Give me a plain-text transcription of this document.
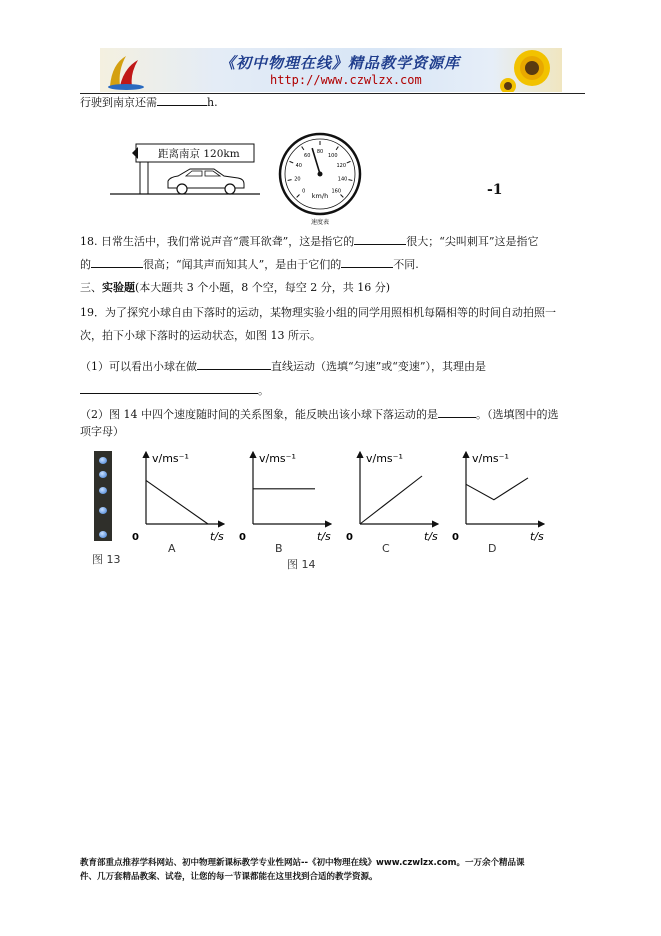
《初中物理在线》精品教学资源库
http://www.czwlzx.com
行驶到南京还需	h.
距离南京 120km
0
20
40
60
80
100
120
140
160
km/h
速度表
-1
18. 日常生活中，我们常说声音“震耳欲聋”，这是指它的	很大；“尖叫刺耳”这是指它
的	很高；“闻其声而知其人”，是由于它们的	不同.
三、实验题(本大题共 3 个小题，8 个空，每空 2 分，共 16 分)
19．为了探究小球自由下落时的运动，某物理实验小组的同学用照相机每隔相等的时间自动拍照一
次，拍下小球下落时的运动状态，如图 13 所示。
（1）可以看出小球在做	直线运动（选填“匀速”或“变速”），其理由是
。
（2）图 14 中四个速度随时间的关系图象，能反映出该小球下落运动的是	。（选填图中的选
项字母）
图 13
v/ms⁻¹
t/s
0
A
v/ms⁻¹
t/s
0
B
v/ms⁻¹
t/s
0
C
v/ms⁻¹
t/s
0
D
图 14
教育部重点推荐学科网站、初中物理新课标教学专业性网站--《初中物理在线》www.czwlzx.com。一万余个精品课
件、几万套精品教案、试卷，让您的每一节课都能在这里找到合适的教学资源。
